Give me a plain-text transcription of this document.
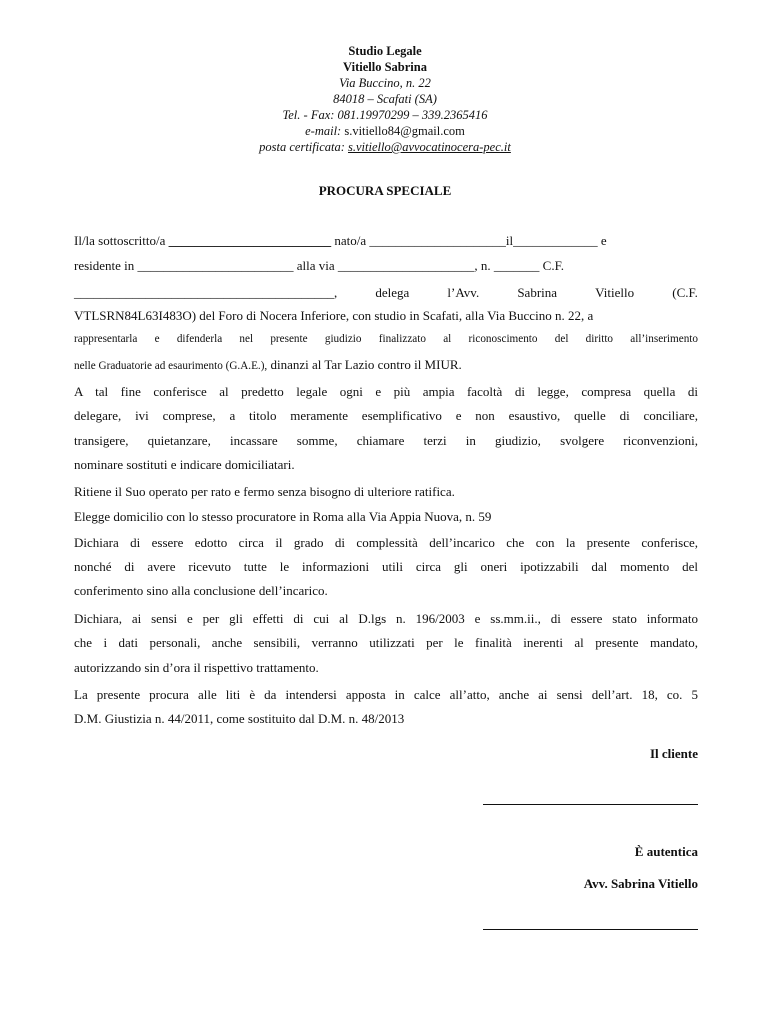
Studio Legale
Vitiello Sabrina
Via Buccino, n. 22
84018 – Scafati (SA)
Tel. - Fax: 081.19970299 – 339.2365416
e-mail: s.vitiello84@gmail.com
posta certificata: s.vitiello@avvocatinocera-pec.it
PROCURA SPECIALE
Il/la sottoscritto/a _________________________ nato/a _____________________il_____________ e
residente in ________________________ alla via _____________________, n. _______ C.F.
________________________________________,	delega	l’Avv.	Sabrina	Vitiello	(C.F.
VTLSRN84L63I483O) del Foro di Nocera Inferiore, con studio in Scafati, alla Via Buccino n. 22, a
rappresentarla e difenderla nel presente giudizio finalizzato al riconoscimento del diritto all’inserimento
nelle Graduatorie ad esaurimento (G.A.E.), dinanzi al Tar Lazio contro il MIUR.
A tal fine conferisce al predetto legale ogni e più ampia facoltà di legge, compresa quella di
delegare, ivi comprese, a titolo meramente esemplificativo e non esaustivo, quelle di conciliare,
transigere, quietanzare, incassare somme, chiamare terzi in giudizio, svolgere riconvenzioni,
nominare sostituti e indicare domiciliatari.
Ritiene il Suo operato per rato e fermo senza bisogno di ulteriore ratifica.
Elegge domicilio con lo stesso procuratore in Roma alla Via Appia Nuova, n. 59
Dichiara di essere edotto circa il grado di complessità dell’incarico che con la presente conferisce,
nonché di avere ricevuto tutte le informazioni utili circa gli oneri ipotizzabili dal momento del
conferimento sino alla conclusione dell’incarico.
Dichiara, ai sensi e per gli effetti di cui al D.lgs n. 196/2003 e ss.mm.ii., di essere stato informato
che i dati personali, anche sensibili, verranno utilizzati per le finalità inerenti al presente mandato,
autorizzando sin d’ora il rispettivo trattamento.
La presente procura alle liti è da intendersi apposta in calce all’atto, anche ai sensi dell’art. 18, co. 5
D.M. Giustizia n. 44/2011, come sostituito dal D.M. n. 48/2013
Il cliente
È autentica
Avv. Sabrina Vitiello
